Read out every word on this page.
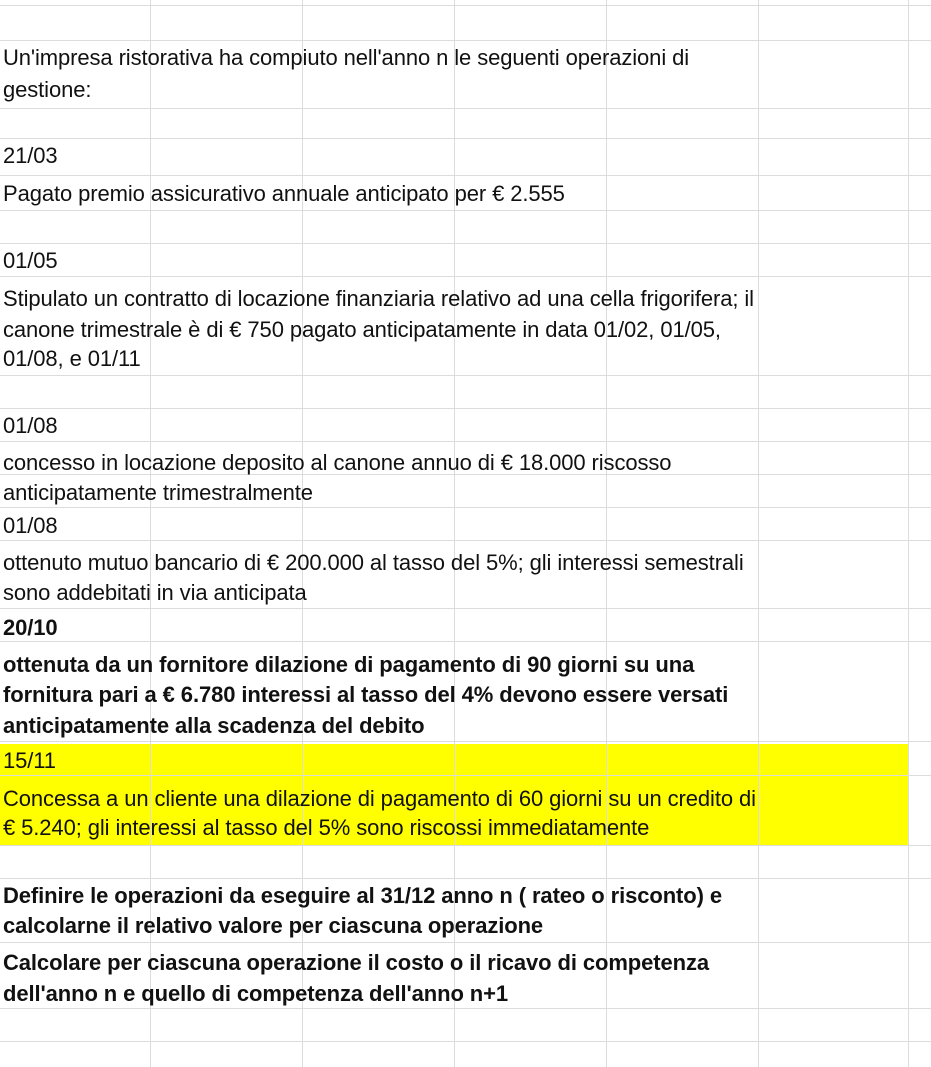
Un'impresa ristorativa ha compiuto nell'anno n le seguenti operazioni di
gestione:
21/03
Pagato premio assicurativo annuale anticipato per € 2.555
01/05
Stipulato un contratto di locazione finanziaria relativo ad una cella frigorifera; il
canone trimestrale è di € 750 pagato anticipatamente in data 01/02, 01/05,
01/08, e 01/11
01/08
concesso in locazione deposito al canone annuo di € 18.000 riscosso
anticipatamente trimestralmente
01/08
ottenuto mutuo bancario di € 200.000 al tasso del 5%; gli interessi semestrali
sono addebitati in via anticipata
20/10
ottenuta da un fornitore dilazione di pagamento di 90 giorni su una
fornitura pari a € 6.780 interessi al tasso del 4% devono essere versati
anticipatamente alla scadenza del debito
15/11
Concessa a un cliente una dilazione di pagamento di 60 giorni su un credito di
€ 5.240; gli interessi al tasso del 5% sono riscossi immediatamente
Definire le operazioni da eseguire al 31/12 anno n ( rateo o risconto) e
calcolarne il relativo valore per ciascuna operazione
Calcolare per ciascuna operazione il costo o il ricavo di competenza
dell'anno n e quello di competenza dell'anno n+1
